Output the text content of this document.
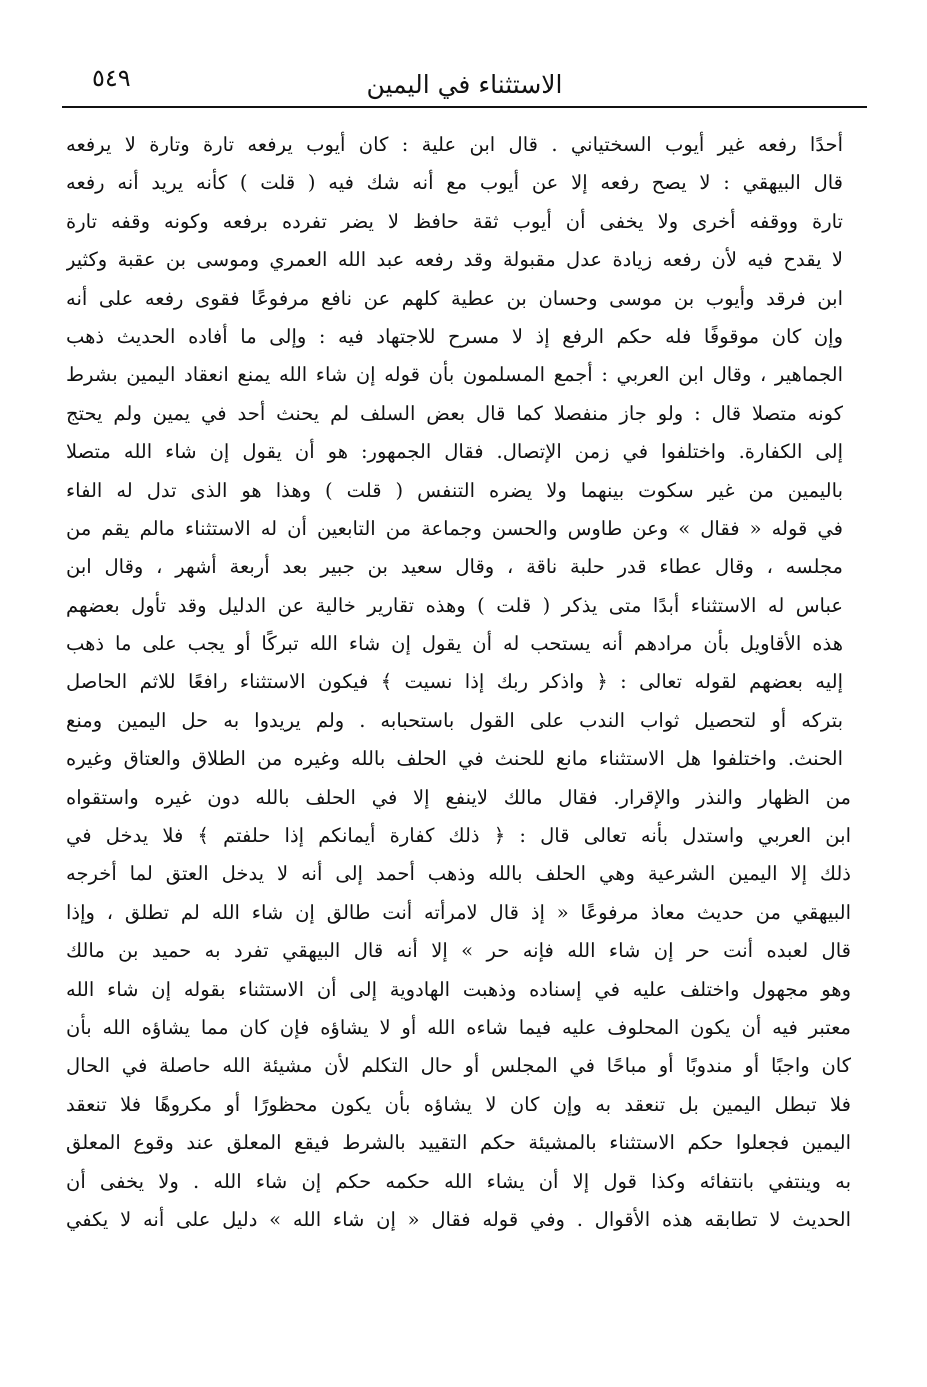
٥٤٩	الاستثناء في اليمين
أحدًا رفعه غير أيوب السختياني . قال ابن علية : كان أيوب يرفعه تارة وتارة لا يرفعه
قال البيهقي : لا يصح رفعه إلا عن أيوب مع أنه شك فيه ( قلت ) كأنه يريد أنه رفعه
تارة ووقفه أخرى ولا يخفى أن أيوب ثقة حافظ لا يضر تفرده برفعه وكونه وقفه تارة
لا يقدح فيه لأن رفعه زيادة عدل مقبولة وقد رفعه عبد الله العمري وموسى بن عقبة وكثير
ابن فرقد وأيوب بن موسى وحسان بن عطية كلهم عن نافع مرفوعًا فقوى رفعه على أنه
وإن كان موقوفًا فله حكم الرفع إذ لا مسرح للاجتهاد فيه : وإلى ما أفاده الحديث ذهب
الجماهير ، وقال ابن العربي : أجمع المسلمون بأن قوله إن شاء الله يمنع انعقاد اليمين بشرط
كونه متصلا قال : ولو جاز منفصلا كما قال بعض السلف لم يحنث أحد في يمين ولم يحتج
إلى الكفارة. واختلفوا في زمن الإتصال. فقال الجمهور: هو أن يقول إن شاء الله متصلا
باليمين من غير سكوت بينهما ولا يضره التنفس ( قلت ) وهذا هو الذى تدل له الفاء
في قوله « فقال » وعن طاوس والحسن وجماعة من التابعين أن له الاستثناء مالم يقم من
مجلسه ، وقال عطاء قدر حلبة ناقة ، وقال سعيد بن جبير بعد أربعة أشهر ، وقال ابن
عباس له الاستثناء أبدًا متى يذكر ( قلت ) وهذه تقارير خالية عن الدليل وقد تأول بعضهم
هذه الأقاويل بأن مرادهم أنه يستحب له أن يقول إن شاء الله تبركًا أو يجب على ما ذهب
إليه بعضهم لقوله تعالى : ﴿ واذكر ربك إذا نسيت ﴾ فيكون الاستثناء رافعًا للاثم الحاصل
بتركه أو لتحصيل ثواب الندب على القول باستحبابه . ولم يريدوا به حل اليمين ومنع
الحنث. واختلفوا هل الاستثناء مانع للحنث في الحلف بالله وغيره من الطلاق والعتاق وغيره
من الظهار والنذر والإقرار. فقال مالك لاينفع إلا في الحلف بالله دون غيره واستقواه
ابن العربي واستدل بأنه تعالى قال : ﴿ ذلك كفارة أيمانكم إذا حلفتم ﴾ فلا يدخل في
ذلك إلا اليمين الشرعية وهي الحلف بالله وذهب أحمد إلى أنه لا يدخل العتق لما أخرجه
البيهقي من حديث معاذ مرفوعًا « إذ قال لامرأته أنت طالق إن شاء الله لم تطلق ، وإذا
قال لعبده أنت حر إن شاء الله فإنه حر » إلا أنه قال البيهقي تفرد به حميد بن مالك
وهو مجهول واختلف عليه في إسناده وذهبت الهادوية إلى أن الاستثناء بقوله إن شاء الله
معتبر فيه أن يكون المحلوف عليه فيما شاءه الله أو لا يشاؤه فإن كان مما يشاؤه الله بأن
كان واجبًا أو مندوبًا أو مباحًا في المجلس أو حال التكلم لأن مشيئة الله حاصلة في الحال
فلا تبطل اليمين بل تنعقد به وإن كان لا يشاؤه بأن يكون محظورًا أو مكروهًا فلا تنعقد
اليمين فجعلوا حكم الاستثناء بالمشيئة حكم التقييد بالشرط فيقع المعلق عند وقوع المعلق
به وينتفي بانتفائه وكذا قول إلا أن يشاء الله حكمه حكم إن شاء الله . ولا يخفى أن
الحديث لا تطابقه هذه الأقوال . وفي قوله فقال « إن شاء الله » دليل على أنه لا يكفي
